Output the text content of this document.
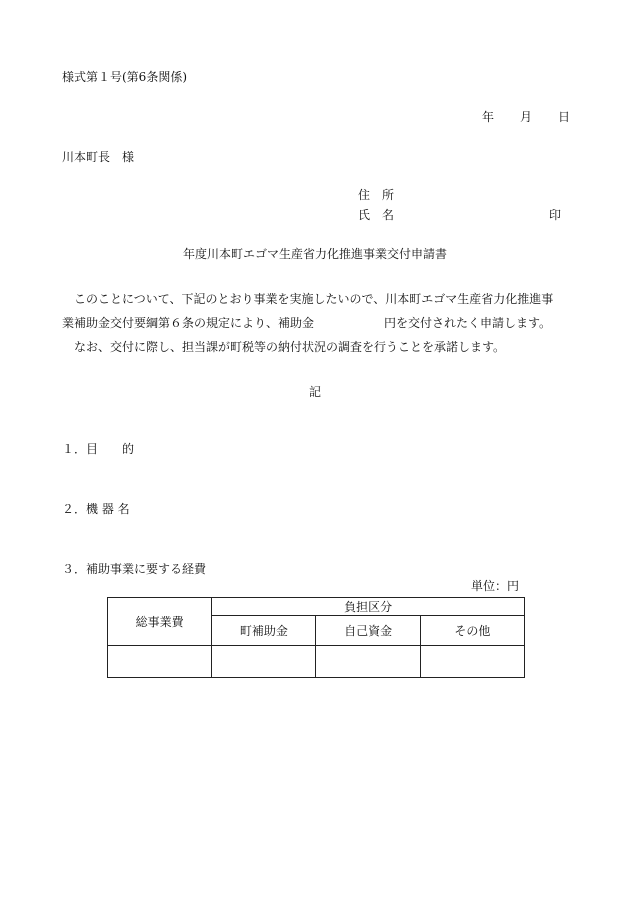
様式第１号(第6条関係)
年 月 日
川本町長　様
住　所
氏　名	印
年度川本町エゴマ生産省力化推進事業交付申請書
　このことについて、下記のとおり事業を実施したいので、川本町エゴマ生産省力化推進事
業補助金交付要綱第６条の規定により、補助金	円を交付されたく申請します。
　なお、交付に際し、担当課が町税等の納付状況の調査を行うことを承諾します。
記
１．目　　的
２．機 器 名
３．補助事業に要する経費
単位：円
総事業費	負担区分		
	町補助金	自己資金	その他
